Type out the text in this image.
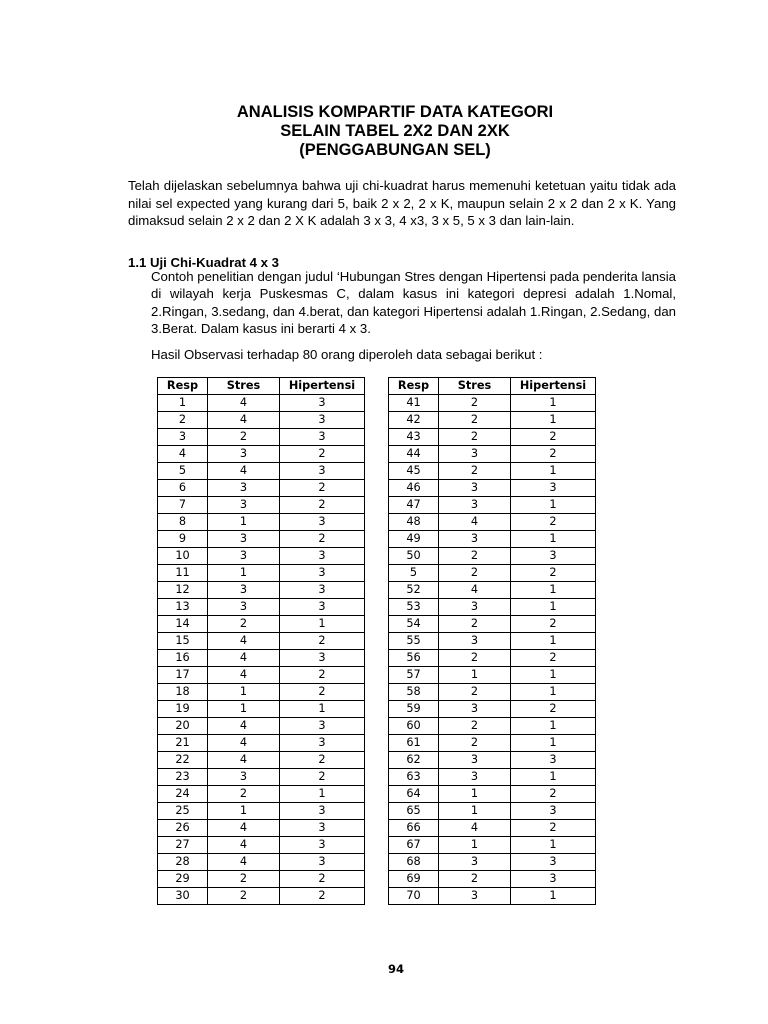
ANALISIS KOMPARTIF DATA KATEGORI
SELAIN TABEL 2X2 DAN 2XK
(PENGGABUNGAN SEL)

Telah dijelaskan sebelumnya bahwa uji chi-kuadrat harus memenuhi ketetuan yaitu tidak ada nilai sel expected yang kurang dari 5, baik 2 x 2, 2 x K, maupun selain 2 x 2 dan 2 x K. Yang dimaksud selain 2 x 2 dan 2 X K adalah 3 x 3, 4 x3, 3 x 5, 5 x 3 dan lain-lain.

1.1 Uji Chi-Kuadrat 4 x 3

Contoh penelitian dengan judul ‘Hubungan Stres dengan Hipertensi pada penderita lansia di wilayah kerja Puskesmas C, dalam kasus ini kategori depresi adalah 1.Nomal, 2.Ringan, 3.sedang, dan 4.berat, dan kategori Hipertensi adalah 1.Ringan, 2.Sedang, dan 3.Berat. Dalam kasus ini berarti 4 x 3.

Hasil Observasi terhadap 80 orang diperoleh data sebagai berikut :
Resp	Stres	Hipertensi
1	4	3
2	4	3
3	2	3
4	3	2
5	4	3
6	3	2
7	3	2
8	1	3
9	3	2
10	3	3
11	1	3
12	3	3
13	3	3
14	2	1
15	4	2
16	4	3
17	4	2
18	1	2
19	1	1
20	4	3
21	4	3
22	4	2
23	3	2
24	2	1
25	1	3
26	4	3
27	4	3
28	4	3
29	2	2
30	2	2
Resp	Stres	Hipertensi
41	2	1
42	2	1
43	2	2
44	3	2
45	2	1
46	3	3
47	3	1
48	4	2
49	3	1
50	2	3
5	2	2
52	4	1
53	3	1
54	2	2
55	3	1
56	2	2
57	1	1
58	2	1
59	3	2
60	2	1
61	2	1
62	3	3
63	3	1
64	1	2
65	1	3
66	4	2
67	1	1
68	3	3
69	2	3
70	3	1
94
